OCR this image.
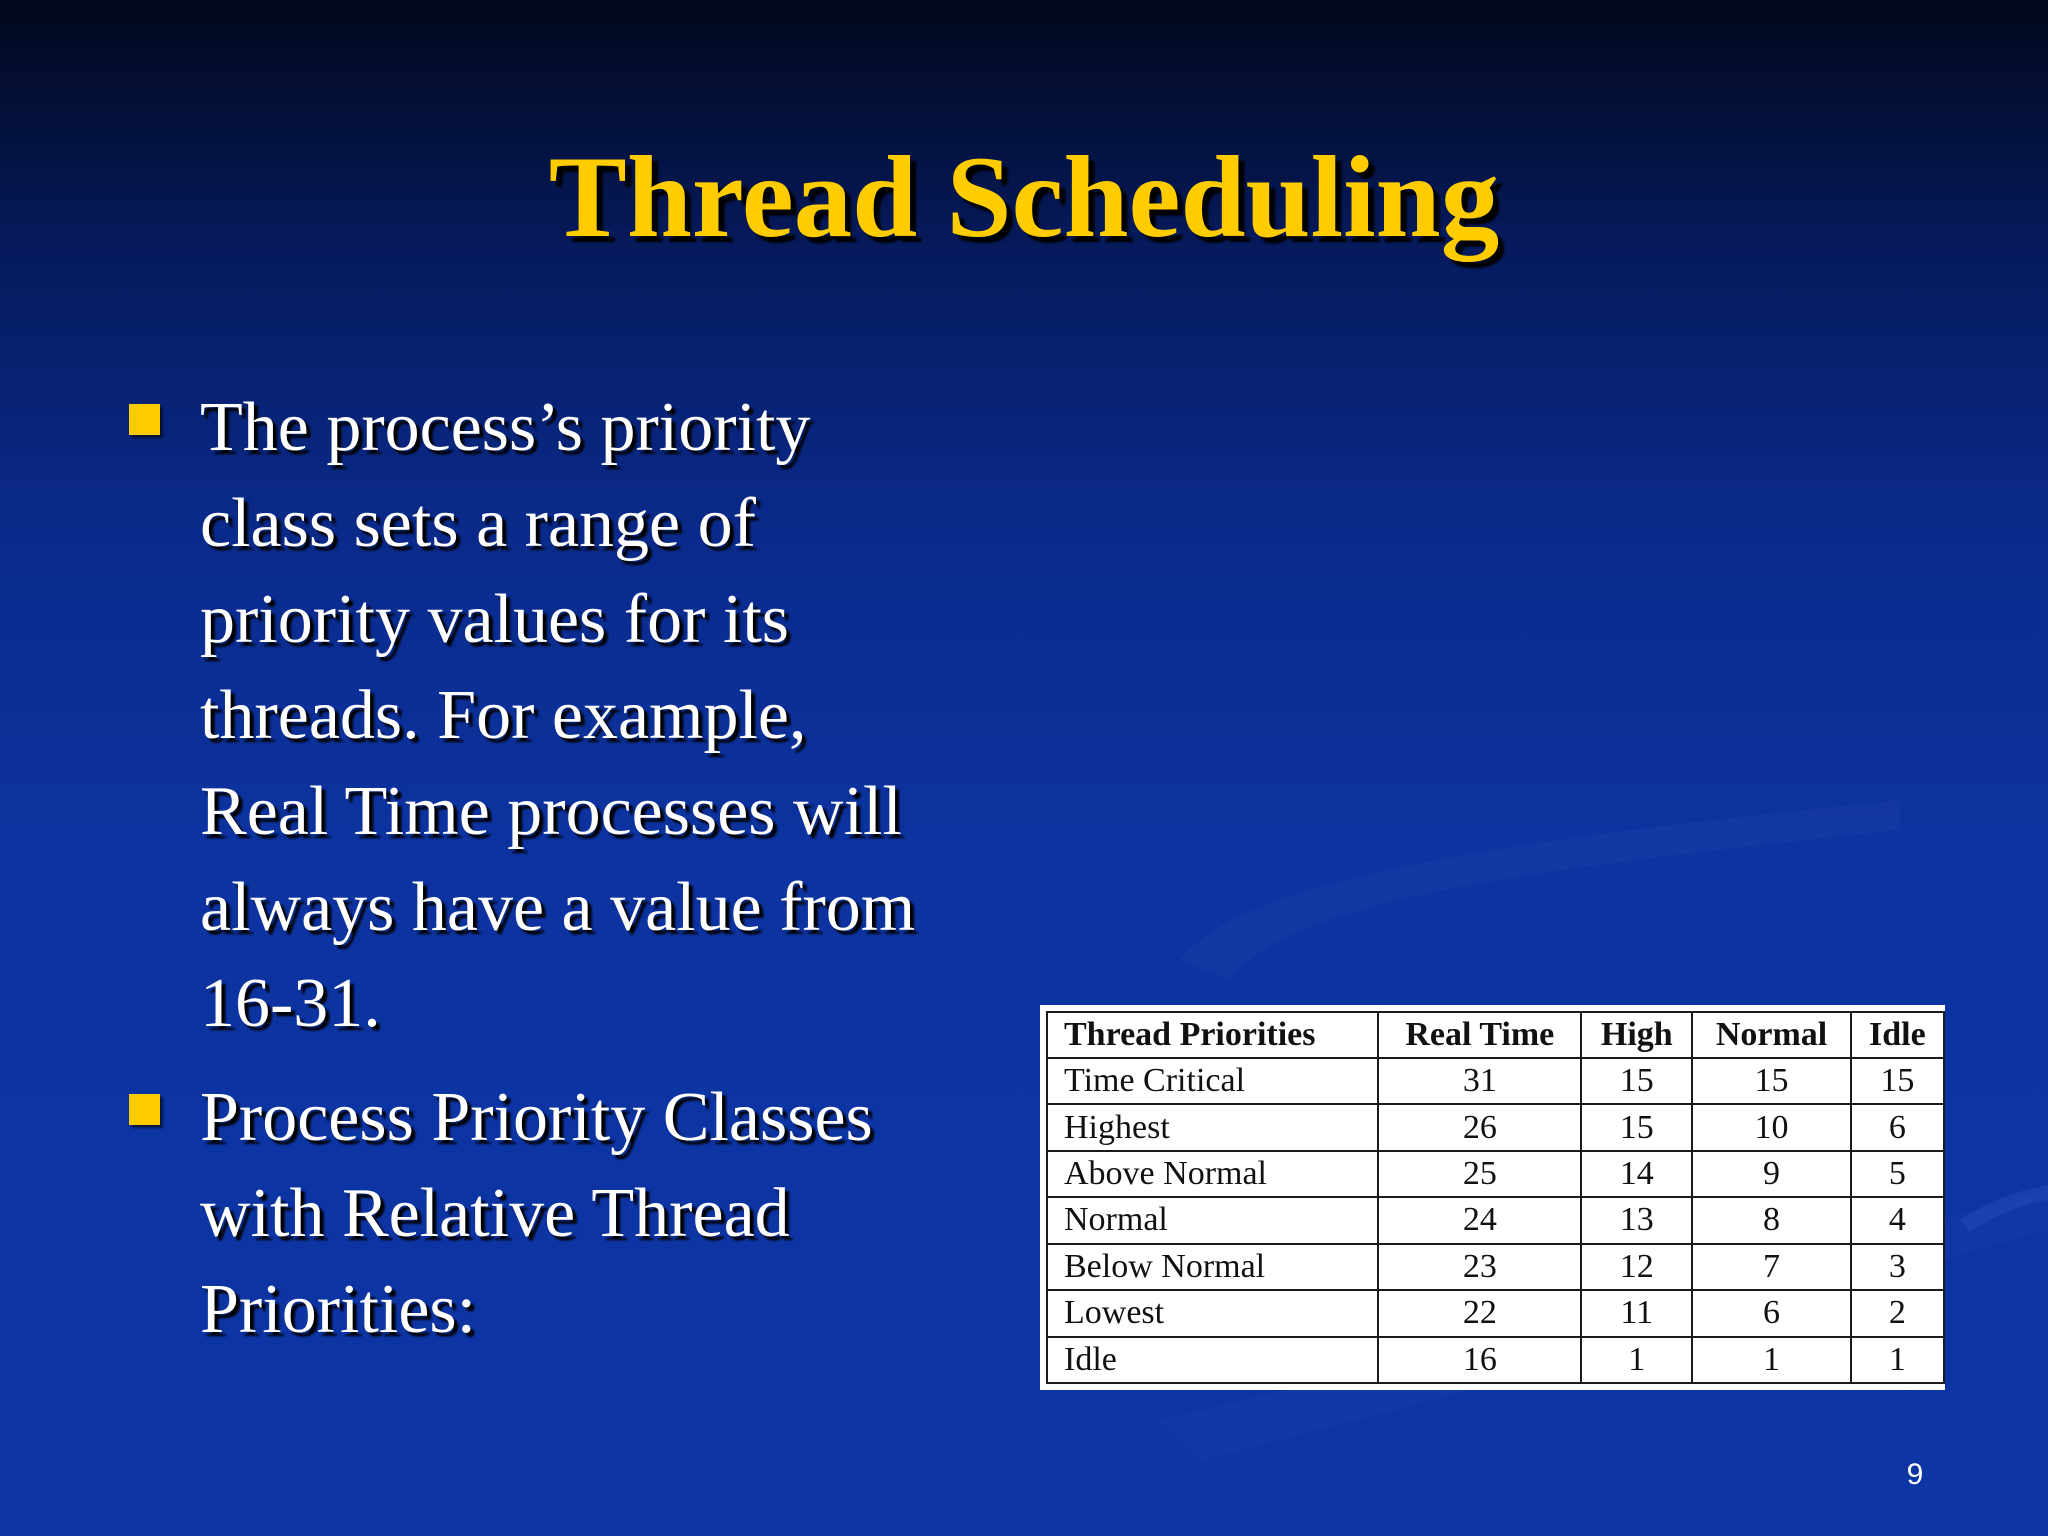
Thread Scheduling
The process’s priority
class sets a range of
priority values for its
threads. For example,
Real Time processes will
always have a value from
16-31.
Process Priority Classes
with Relative Thread
Priorities:
Thread Priorities	Real Time	High	Normal	Idle
Time Critical	31	15	15	15
Highest	26	15	10	6
Above Normal	25	14	9	5
Normal	24	13	8	4
Below Normal	23	12	7	3
Lowest	22	11	6	2
Idle	16	1	1	1
9
